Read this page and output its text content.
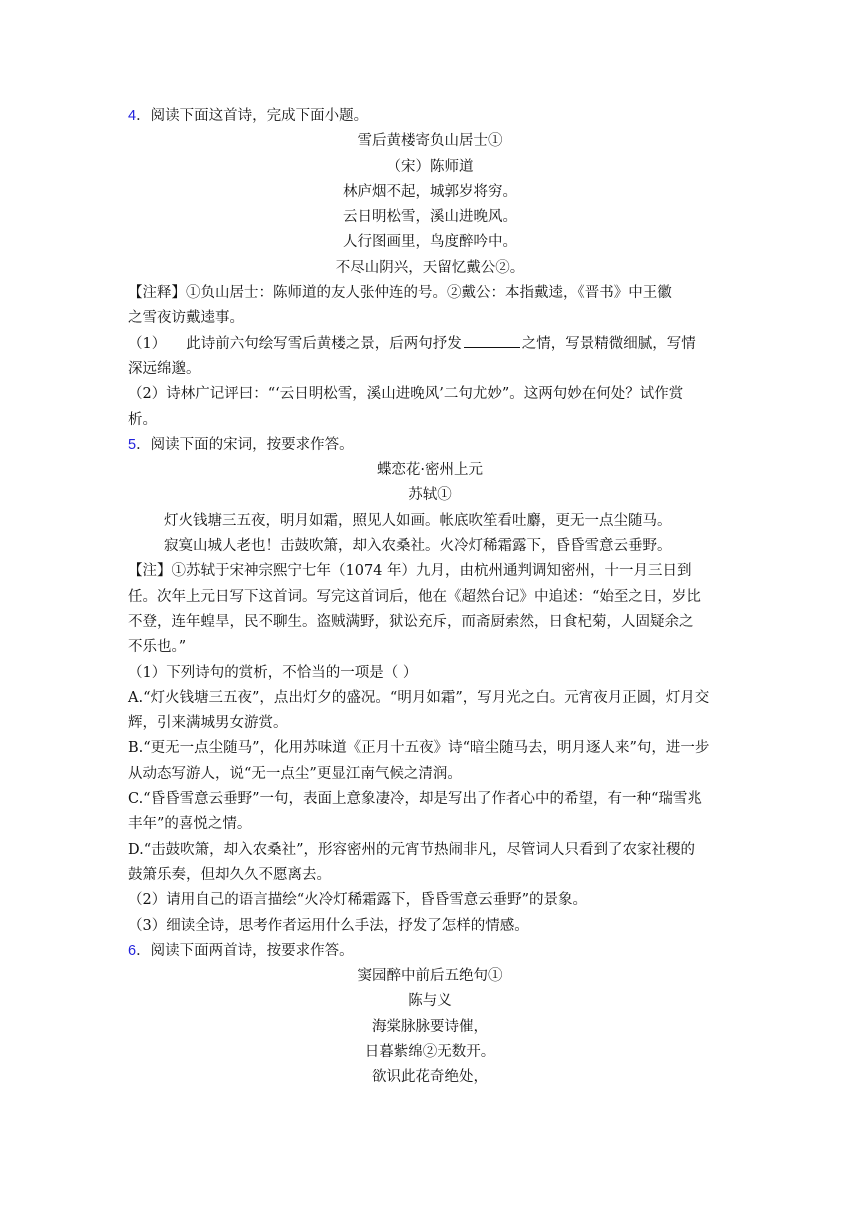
4．阅读下面这首诗，完成下面小题。
雪后黄楼寄负山居士①
（宋）陈师道
林庐烟不起，城郭岁将穷。
云日明松雪，溪山进晚风。
人行图画里，鸟度醉吟中。
不尽山阴兴，天留忆戴公②。
【注释】①负山居士：陈师道的友人张仲连的号。②戴公：本指戴逵，《晋书》中王徽
之雪夜访戴逵事。
（1） 此诗前六句绘写雪后黄楼之景，后两句抒发	之情，写景精微细腻，写情
深远绵邈。
（2）诗林广记评曰：“‘云日明松雪，溪山进晚风’二句尤妙”。这两句妙在何处？试作赏
析。
5．阅读下面的宋词，按要求作答。
蝶恋花·密州上元
苏轼①
灯火钱塘三五夜，明月如霜，照见人如画。帐底吹笙看吐麝，更无一点尘随马。
寂寞山城人老也！击鼓吹箫，却入农桑社。火冷灯稀霜露下，昏昏雪意云垂野。
【注】①苏轼于宋神宗熙宁七年（1074 年）九月，由杭州通判调知密州，十一月三日到
任。次年上元日写下这首词。写完这首词后，他在《超然台记》中追述：“始至之日，岁比
不登，连年蝗旱，民不聊生。盗贼满野，狱讼充斥，而斋厨索然，日食杞菊，人固疑余之
不乐也。”
（1）下列诗句的赏析，不恰当的一项是（ ）
A.“灯火钱塘三五夜”，点出灯夕的盛况。“明月如霜”，写月光之白。元宵夜月正圆，灯月交
辉，引来满城男女游赏。
B.“更无一点尘随马”，化用苏味道《正月十五夜》诗“暗尘随马去，明月逐人来”句，进一步
从动态写游人，说“无一点尘”更显江南气候之清润。
C.“昏昏雪意云垂野”一句，表面上意象凄冷，却是写出了作者心中的希望，有一种“瑞雪兆
丰年”的喜悦之情。
D.“击鼓吹箫，却入农桑社”，形容密州的元宵节热闹非凡，尽管词人只看到了农家社稷的
鼓箫乐奏，但却久久不愿离去。
（2）请用自己的语言描绘“火冷灯稀霜露下，昏昏雪意云垂野”的景象。
（3）细读全诗，思考作者运用什么手法，抒发了怎样的情感。
6．阅读下面两首诗，按要求作答。
窦园醉中前后五绝句①
陈与义
海棠脉脉要诗催，
日暮紫绵②无数开。
欲识此花奇绝处，
